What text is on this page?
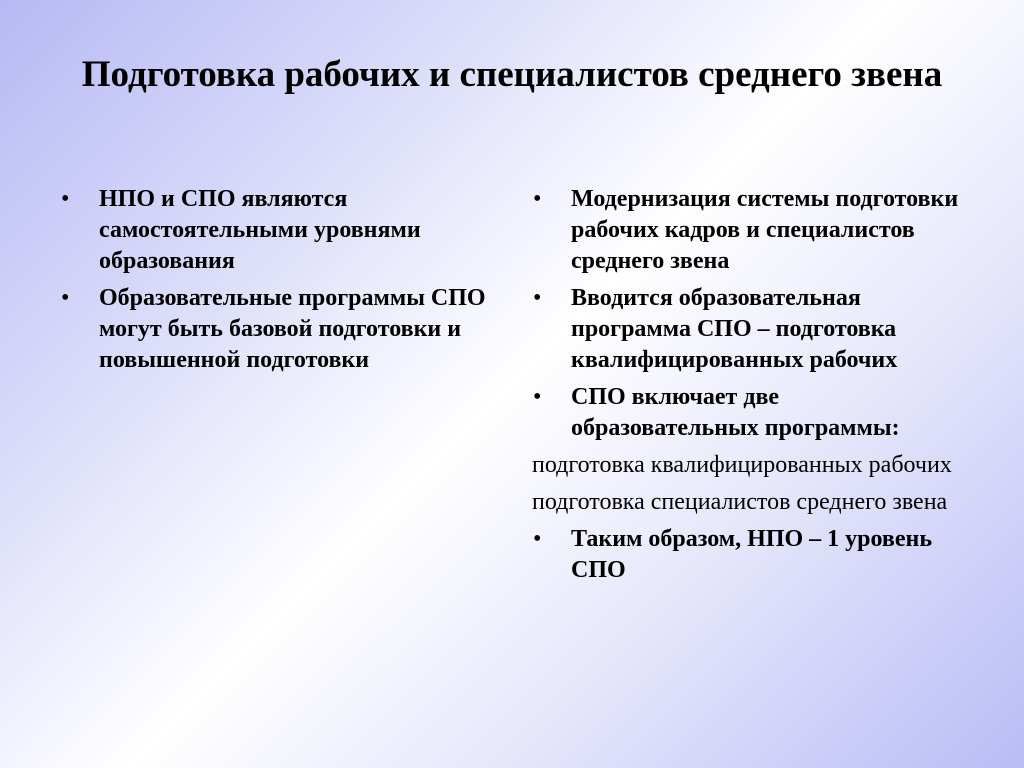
Подготовка рабочих и специалистов среднего звена
• НПО и СПО являются самостоятельными уровнями образования
• Образовательные программы СПО могут быть базовой подготовки и повышенной подготовки
• Модернизация системы подготовки рабочих кадров и специалистов среднего звена
• Вводится образовательная программа СПО – подготовка квалифицированных рабочих
• СПО включает две образовательных программы:
подготовка квалифицированных рабочих
подготовка специалистов среднего звена
• Таким образом, НПО – 1 уровень СПО
